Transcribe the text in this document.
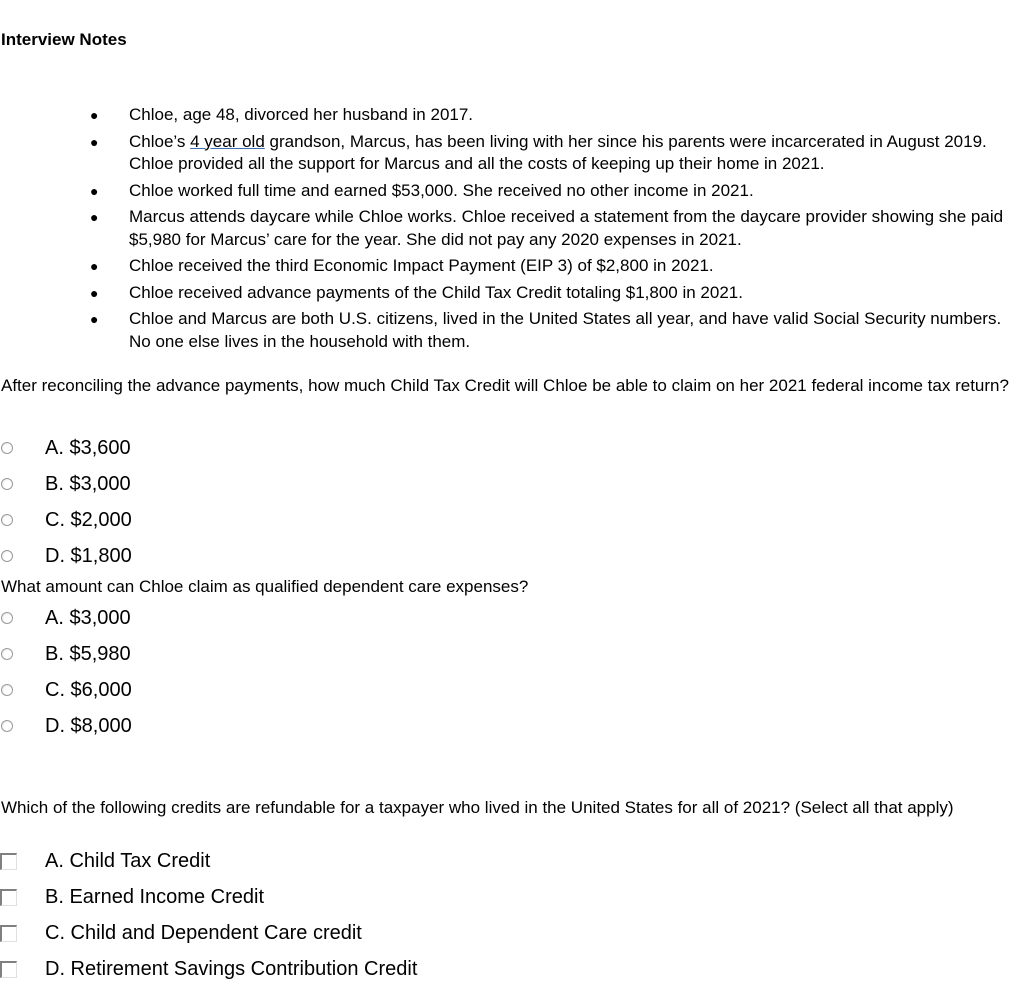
Interview Notes
● Chloe, age 48, divorced her husband in 2017.
● Chloe’s 4 year old grandson, Marcus, has been living with her since his parents were incarcerated in August 2019. Chloe provided all the support for Marcus and all the costs of keeping up their home in 2021.
● Chloe worked full time and earned $53,000. She received no other income in 2021.
● Marcus attends daycare while Chloe works. Chloe received a statement from the daycare provider showing she paid $5,980 for Marcus’ care for the year. She did not pay any 2020 expenses in 2021.
● Chloe received the third Economic Impact Payment (EIP 3) of $2,800 in 2021.
● Chloe received advance payments of the Child Tax Credit totaling $1,800 in 2021.
● Chloe and Marcus are both U.S. citizens, lived in the United States all year, and have valid Social Security numbers. No one else lives in the household with them.
After reconciling the advance payments, how much Child Tax Credit will Chloe be able to claim on her 2021 federal income tax return?
A. $3,600
B. $3,000
C. $2,000
D. $1,800
What amount can Chloe claim as qualified dependent care expenses?
A. $3,000
B. $5,980
C. $6,000
D. $8,000
Which of the following credits are refundable for a taxpayer who lived in the United States for all of 2021? (Select all that apply)
A. Child Tax Credit
B. Earned Income Credit
C. Child and Dependent Care credit
D. Retirement Savings Contribution Credit
